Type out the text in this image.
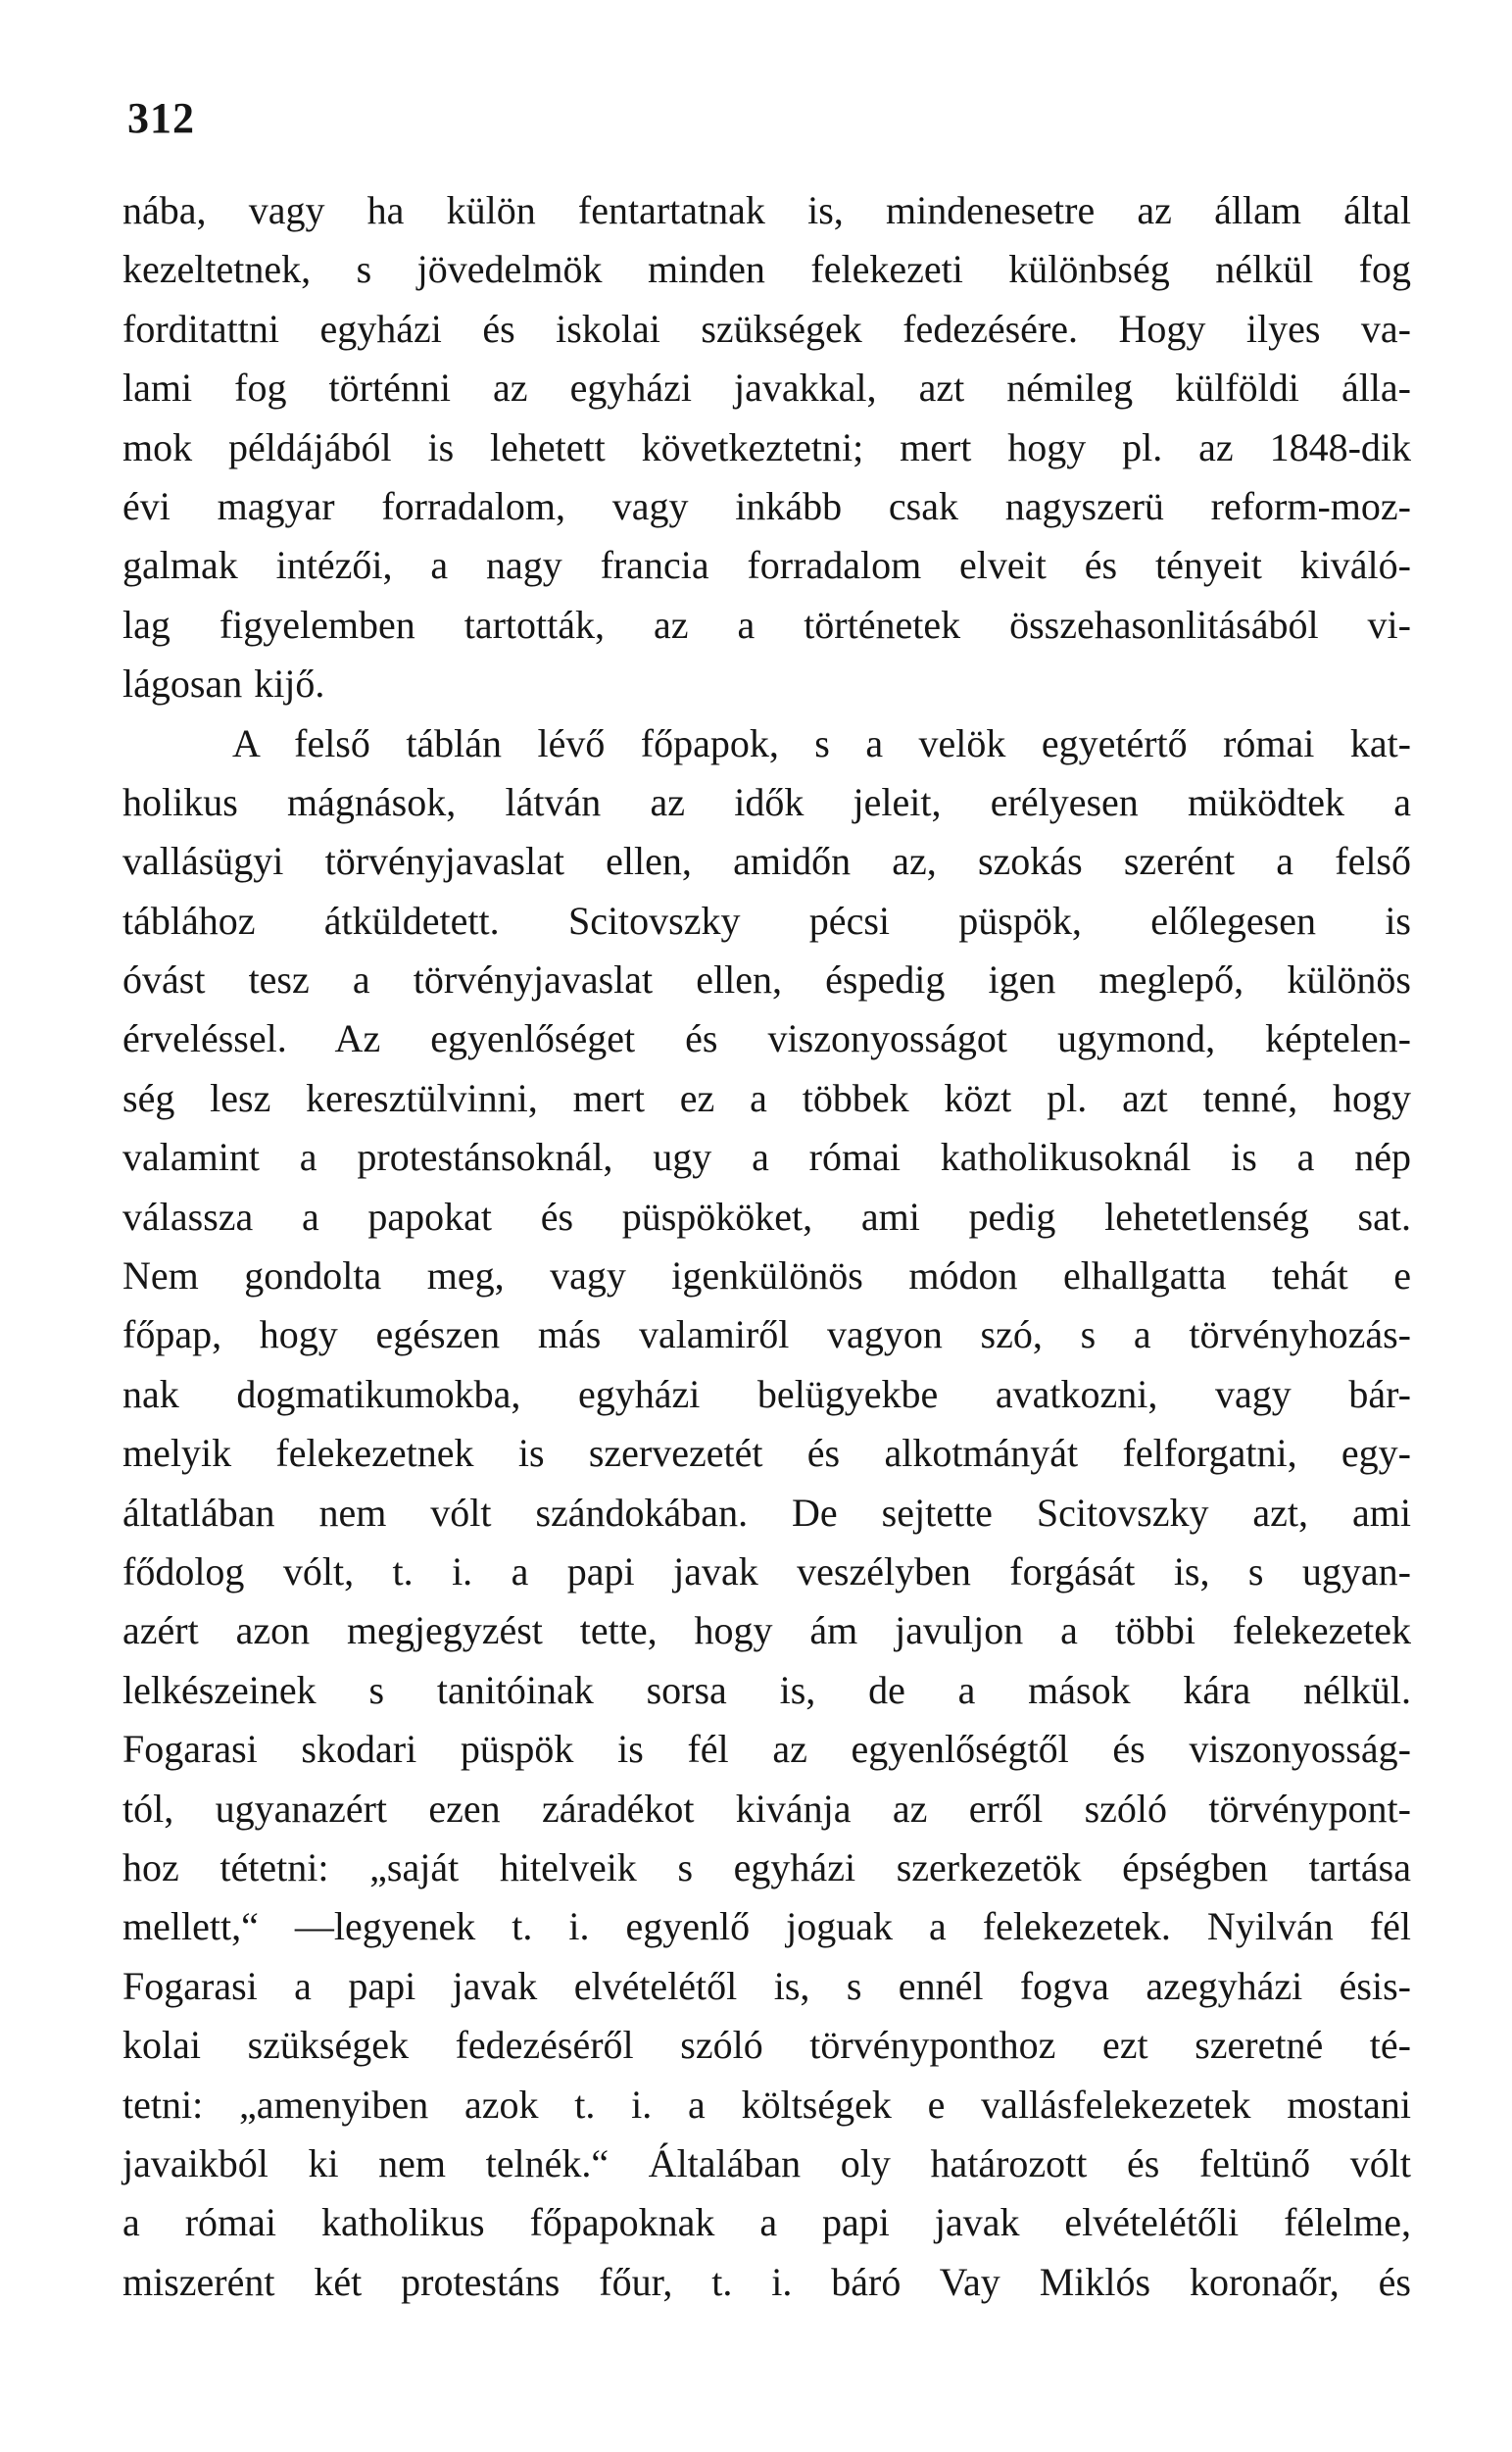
312
nába, vagy ha külön fentartatnak is, mindenesetre az állam által
kezeltetnek, s jövedelmök minden felekezeti különbség nélkül fog
forditattni egyházi és iskolai szükségek fedezésére. Hogy ilyes va-
lami fog történni az egyházi javakkal, azt némileg külföldi álla-
mok példájából is lehetett következtetni; mert hogy pl. az 1848-dik
évi magyar forradalom, vagy inkább csak nagyszerü reform-moz-
galmak intézői, a nagy francia forradalom elveit és tényeit kiváló-
lag figyelemben tartották, az a történetek összehasonlitásából vi-
lágosan kijő.
A felső táblán lévő főpapok, s a velök egyetértő római kat-
holikus mágnások, látván az idők jeleit, erélyesen müködtek a
vallásügyi törvényjavaslat ellen, amidőn az, szokás szerént a felső
táblához átküldetett. Scitovszky pécsi püspök, előlegesen is
óvást tesz a törvényjavaslat ellen, éspedig igen meglepő, különös
érveléssel. Az egyenlőséget és viszonyosságot ugymond, képtelen-
ség lesz keresztülvinni, mert ez a többek közt pl. azt tenné, hogy
valamint a protestánsoknál, ugy a római katholikusoknál is a nép
válassza a papokat és püspököket, ami pedig lehetetlenség sat.
Nem gondolta meg, vagy igenkülönös módon elhallgatta tehát e
főpap, hogy egészen más valamiről vagyon szó, s a törvényhozás-
nak dogmatikumokba, egyházi belügyekbe avatkozni, vagy bár-
melyik felekezetnek is szervezetét és alkotmányát felforgatni, egy-
áltatlában nem vólt szándokában. De sejtette Scitovszky azt, ami
fődolog vólt, t. i. a papi javak veszélyben forgását is, s ugyan-
azért azon megjegyzést tette, hogy ám javuljon a többi felekezetek
lelkészeinek s tanitóinak sorsa is, de a mások kára nélkül.
Fogarasi skodari püspök is fél az egyenlőségtől és viszonyosság-
tól, ugyanazért ezen záradékot kivánja az erről szóló törvénypont-
hoz tétetni: „saját hitelveik s egyházi szerkezetök épségben tartása
mellett,“ —legyenek t. i. egyenlő joguak a felekezetek. Nyilván fél
Fogarasi a papi javak elvételétől is, s ennél fogva azegyházi ésis-
kolai szükségek fedezéséről szóló törvényponthoz ezt szeretné té-
tetni: „amenyiben azok t. i. a költségek e vallásfelekezetek mostani
javaikból ki nem telnék.“ Általában oly határozott és feltünő vólt
a római katholikus főpapoknak a papi javak elvételétőli félelme,
miszerént két protestáns főur, t. i. báró Vay Miklós koronaőr, és
